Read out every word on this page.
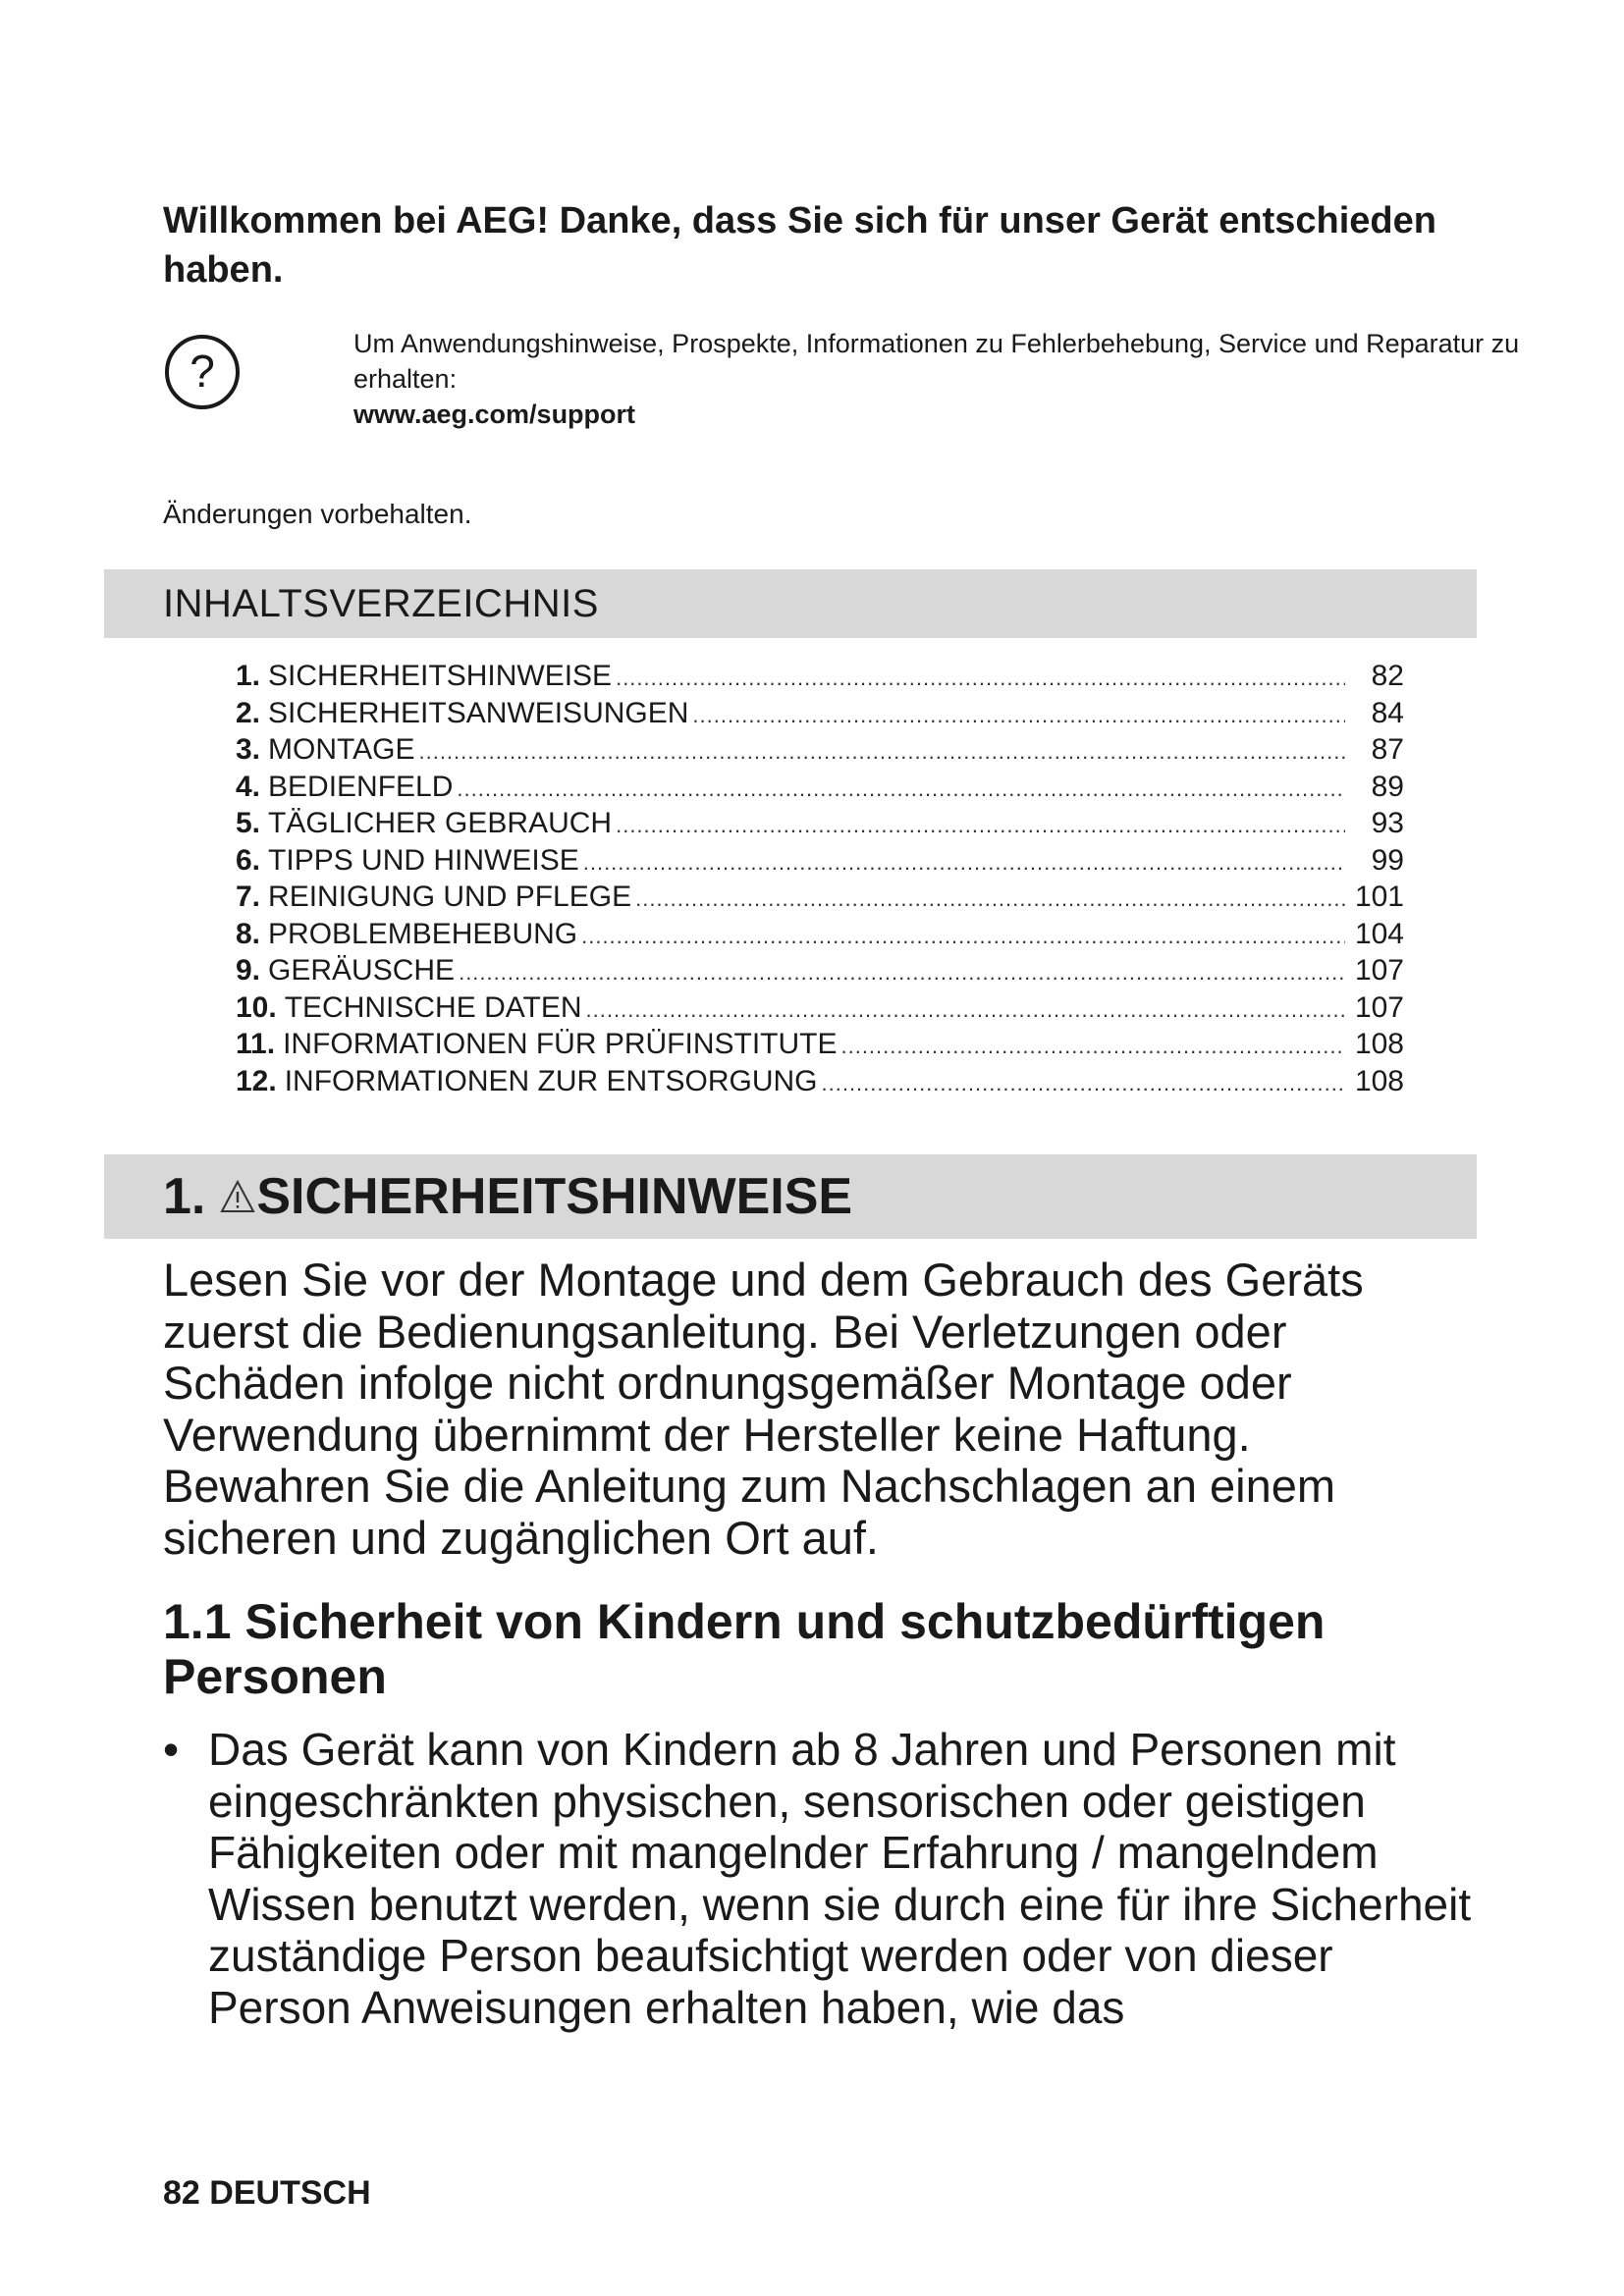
Willkommen bei AEG! Danke, dass Sie sich für unser Gerät entschieden haben.

?
Um Anwendungshinweise, Prospekte, Informationen zu Fehlerbehebung, Service und Reparatur zu erhalten:
www.aeg.com/support
Änderungen vorbehalten.
INHALTSVERZEICHNIS
1. SICHERHEITSHINWEISE .....	82
2. SICHERHEITSANWEISUNGEN .....	84
3. MONTAGE .....	87
4. BEDIENFELD .....	89
5. TÄGLICHER GEBRAUCH .....	93
6. TIPPS UND HINWEISE .....	99
7. REINIGUNG UND PFLEGE .....	101
8. PROBLEMBEHEBUNG .....	104
9. GERÄUSCHE .....	107
10. TECHNISCHE DATEN .....	107
11. INFORMATIONEN FÜR PRÜFINSTITUTE .....	108
12. INFORMATIONEN ZUR ENTSORGUNG .....	108
1. SICHERHEITSHINWEISE

Lesen Sie vor der Montage und dem Gebrauch des Geräts zuerst die Bedienungsanleitung. Bei Verletzungen oder Schäden infolge nicht ordnungsgemäßer Montage oder Verwendung übernimmt der Hersteller keine Haftung. Bewahren Sie die Anleitung zum Nachschlagen an einem sicheren und zugänglichen Ort auf.

1.1 Sicherheit von Kindern und schutzbedürftigen Personen
• Das Gerät kann von Kindern ab 8 Jahren und Personen mit eingeschränkten physischen, sensorischen oder geistigen Fähigkeiten oder mit mangelnder Erfahrung / mangelndem Wissen benutzt werden, wenn sie durch eine für ihre Sicherheit zuständige Person beaufsichtigt werden oder von dieser Person Anweisungen erhalten haben, wie das
82 DEUTSCH
